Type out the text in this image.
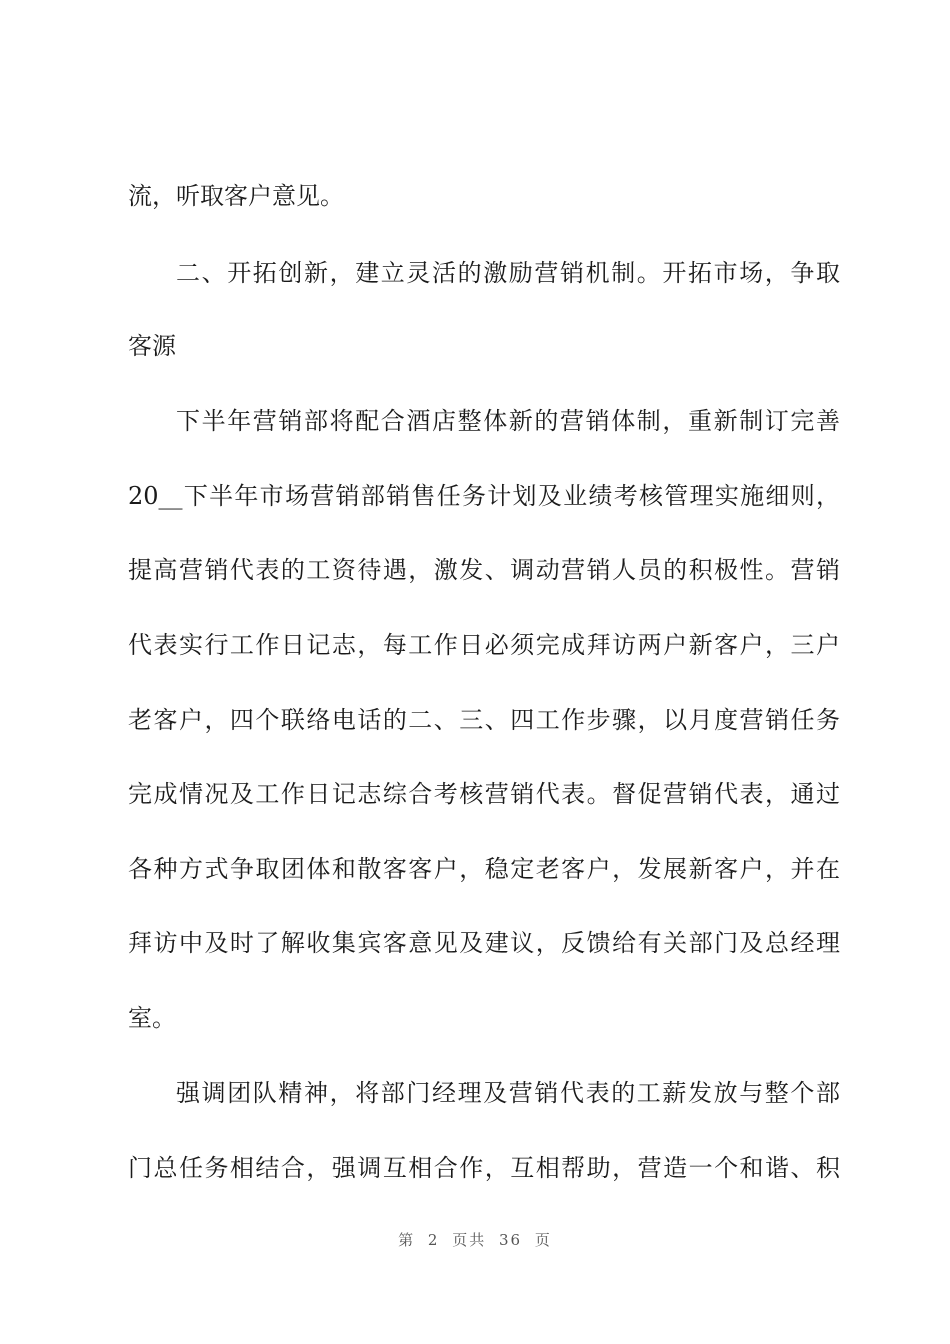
流，听取客户意见。
二、开拓创新，建立灵活的激励营销机制。开拓市场，争取
客源
下半年营销部将配合酒店整体新的营销体制，重新制订完善
20__下半年市场营销部销售任务计划及业绩考核管理实施细则，
提高营销代表的工资待遇，激发、调动营销人员的积极性。营销
代表实行工作日记志，每工作日必须完成拜访两户新客户，三户
老客户，四个联络电话的二、三、四工作步骤，以月度营销任务
完成情况及工作日记志综合考核营销代表。督促营销代表，通过
各种方式争取团体和散客客户，稳定老客户，发展新客户，并在
拜访中及时了解收集宾客意见及建议，反馈给有关部门及总经理
室。
强调团队精神，将部门经理及营销代表的工薪发放与整个部
门总任务相结合，强调互相合作，互相帮助，营造一个和谐、积
第 2 页共 36 页
